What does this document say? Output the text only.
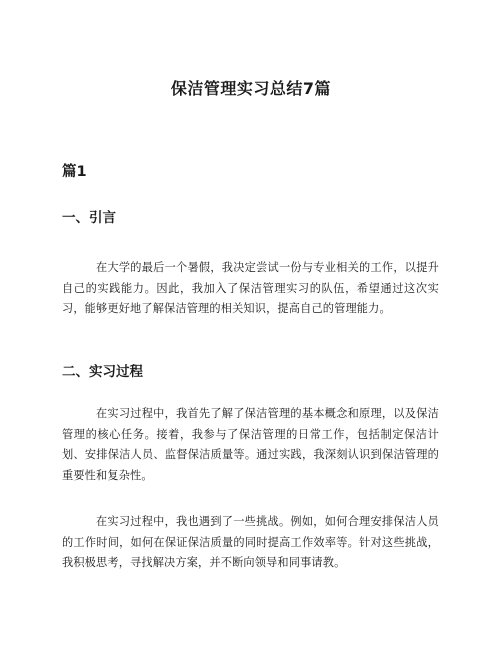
保洁管理实习总结7篇
篇1
一、引言

在大学的最后一个暑假，我决定尝试一份与专业相关的工作，以提升自己的实践能力。因此，我加入了保洁管理实习的队伍，希望通过这次实习，能够更好地了解保洁管理的相关知识，提高自己的管理能力。

二、实习过程

在实习过程中，我首先了解了保洁管理的基本概念和原理，以及保洁管理的核心任务。接着，我参与了保洁管理的日常工作，包括制定保洁计划、安排保洁人员、监督保洁质量等。通过实践，我深刻认识到保洁管理的重要性和复杂性。

在实习过程中，我也遇到了一些挑战。例如，如何合理安排保洁人员的工作时间，如何在保证保洁质量的同时提高工作效率等。针对这些挑战，我积极思考，寻找解决方案，并不断向领导和同事请教。
